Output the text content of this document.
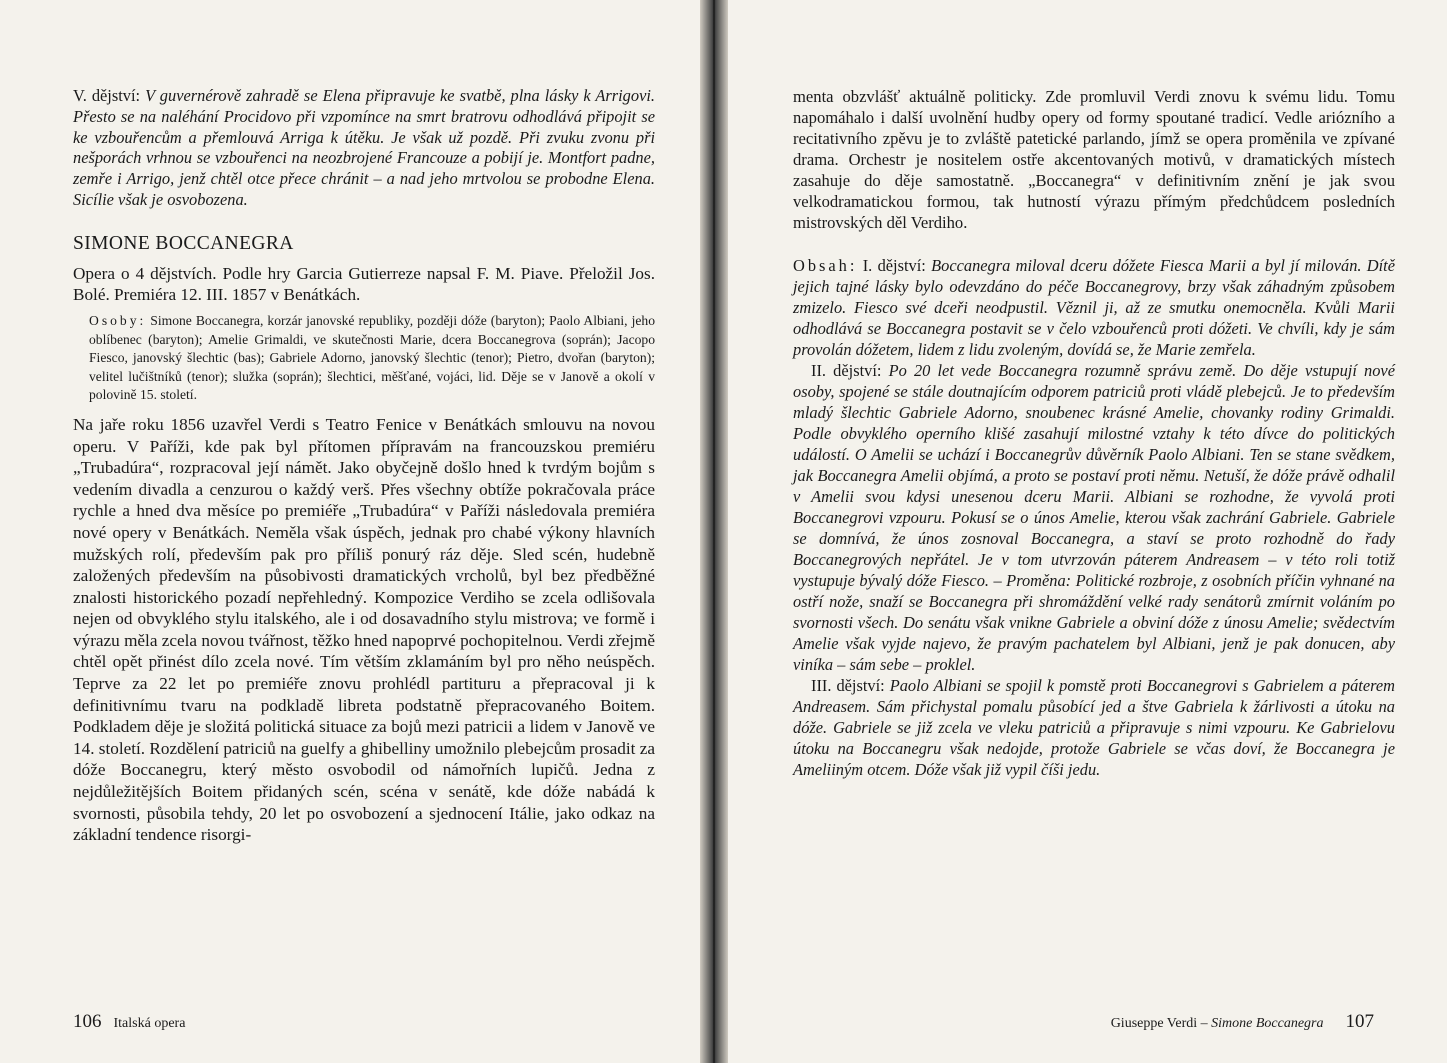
V. dějství: V guvernérově zahradě se Elena připravuje ke svatbě, plna lásky k Arrigovi. Přesto se na naléhání Procidovo při vzpomínce na smrt bratrovu odhodlává připojit se ke vzbouřencům a přemlouvá Arriga k útěku. Je však už pozdě. Při zvuku zvonu při nešporách vrhnou se vzbouřenci na neozbrojené Francouze a pobijí je. Montfort padne, zemře i Arrigo, jenž chtěl otce přece chránit – a nad jeho mrtvolou se probodne Elena. Sicílie však je osvobozena.

SIMONE BOCCANEGRA

Opera o 4 dějstvích. Podle hry Garcia Gutierreze napsal F. M. Piave. Přeložil Jos. Bolé. Premiéra 12. III. 1857 v Benátkách.

Osoby: Simone Boccanegra, korzár janovské republiky, později dóže (baryton); Paolo Albiani, jeho oblíbenec (baryton); Amelie Grimaldi, ve skutečnosti Marie, dcera Boccanegrova (soprán); Jacopo Fiesco, janovský šlechtic (bas); Gabriele Adorno, janovský šlechtic (tenor); Pietro, dvořan (baryton); velitel lučištníků (tenor); služka (soprán); šlechtici, měšťané, vojáci, lid. Děje se v Janově a okolí v polovině 15. století.

Na jaře roku 1856 uzavřel Verdi s Teatro Fenice v Benátkách smlouvu na novou operu. V Paříži, kde pak byl přítomen přípravám na francouzskou premiéru „Trubadúra“, rozpracoval její námět. Jako obyčejně došlo hned k tvrdým bojům s vedením divadla a cenzurou o každý verš. Přes všechny obtíže pokračovala práce rychle a hned dva měsíce po premiéře „Trubadúra“ v Paříži následovala premiéra nové opery v Benátkách. Neměla však úspěch, jednak pro chabé výkony hlavních mužských rolí, především pak pro příliš ponurý ráz děje. Sled scén, hudebně založených především na působivosti dramatických vrcholů, byl bez předběžné znalosti historického pozadí nepřehledný. Kompozice Verdiho se zcela odlišovala nejen od obvyklého stylu italského, ale i od dosavadního stylu mistrova; ve formě i výrazu měla zcela novou tvářnost, těžko hned napoprvé pochopitelnou. Verdi zřejmě chtěl opět přinést dílo zcela nové. Tím větším zklamáním byl pro něho neúspěch. Teprve za 22 let po premiéře znovu prohlédl partituru a přepracoval ji k definitivnímu tvaru na podkladě libreta podstatně přepracovaného Boitem. Podkladem děje je složitá politická situace za bojů mezi patricii a lidem v Janově ve 14. století. Rozdělení patriciů na guelfy a ghibelliny umožnilo plebejcům prosadit za dóže Boccanegru, který město osvobodil od námořních lupičů. Jedna z nejdůležitějších Boitem přidaných scén, scéna v senátě, kde dóže nabádá k svornosti, působila tehdy, 20 let po osvobození a sjednocení Itálie, jako odkaz na základní tendence risorgi-

106 Italská opera

menta obzvlášť aktuálně politicky. Zde promluvil Verdi znovu k svému lidu. Tomu napomáhalo i další uvolnění hudby opery od formy spoutané tradicí. Vedle ariózního a recitativního zpěvu je to zvláště patetické parlando, jímž se opera proměnila ve zpívané drama. Orchestr je nositelem ostře akcentovaných motivů, v dramatických místech zasahuje do děje samostatně. „Boccanegra“ v definitivním znění je jak svou velkodramatickou formou, tak hutností výrazu přímým předchůdcem posledních mistrovských děl Verdiho.

Obsah: I. dějství: Boccanegra miloval dceru dóžete Fiesca Marii a byl jí milován. Dítě jejich tajné lásky bylo odevzdáno do péče Boccanegrovy, brzy však záhadným způsobem zmizelo. Fiesco své dceři neodpustil. Věznil ji, až ze smutku onemocněla. Kvůli Marii odhodlává se Boccanegra postavit se v čelo vzbouřenců proti dóžeti. Ve chvíli, kdy je sám provolán dóžetem, lidem z lidu zvoleným, dovídá se, že Marie zemřela.

II. dějství: Po 20 let vede Boccanegra rozumně správu země. Do děje vstupují nové osoby, spojené se stále doutnajícím odporem patriciů proti vládě plebejců. Je to především mladý šlechtic Gabriele Adorno, snoubenec krásné Amelie, chovanky rodiny Grimaldi. Podle obvyklého operního klišé zasahují milostné vztahy k této dívce do politických událostí. O Amelii se uchází i Boccanegrův důvěrník Paolo Albiani. Ten se stane svědkem, jak Boccanegra Amelii objímá, a proto se postaví proti němu. Netuší, že dóže právě odhalil v Amelii svou kdysi unesenou dceru Marii. Albiani se rozhodne, že vyvolá proti Boccanegrovi vzpouru. Pokusí se o únos Amelie, kterou však zachrání Gabriele. Gabriele se domnívá, že únos zosnoval Boccanegra, a staví se proto rozhodně do řady Boccanegrových nepřátel. Je v tom utvrzován páterem Andreasem – v této roli totiž vystupuje bývalý dóže Fiesco. – Proměna: Politické rozbroje, z osobních příčin vyhnané na ostří nože, snaží se Boccanegra při shromáždění velké rady senátorů zmírnit voláním po svornosti všech. Do senátu však vnikne Gabriele a obviní dóže z únosu Amelie; svědectvím Amelie však vyjde najevo, že pravým pachatelem byl Albiani, jenž je pak donucen, aby viníka – sám sebe – proklel.

III. dějství: Paolo Albiani se spojil k pomstě proti Boccanegrovi s Gabrielem a páterem Andreasem. Sám přichystal pomalu působící jed a štve Gabriela k žárlivosti a útoku na dóže. Gabriele se již zcela ve vleku patriciů a připravuje s nimi vzpouru. Ke Gabrielovu útoku na Boccanegru však nedojde, protože Gabriele se včas doví, že Boccanegra je Ameliiným otcem. Dóže však již vypil číši jedu.

Giuseppe Verdi – Simone Boccanegra 107
